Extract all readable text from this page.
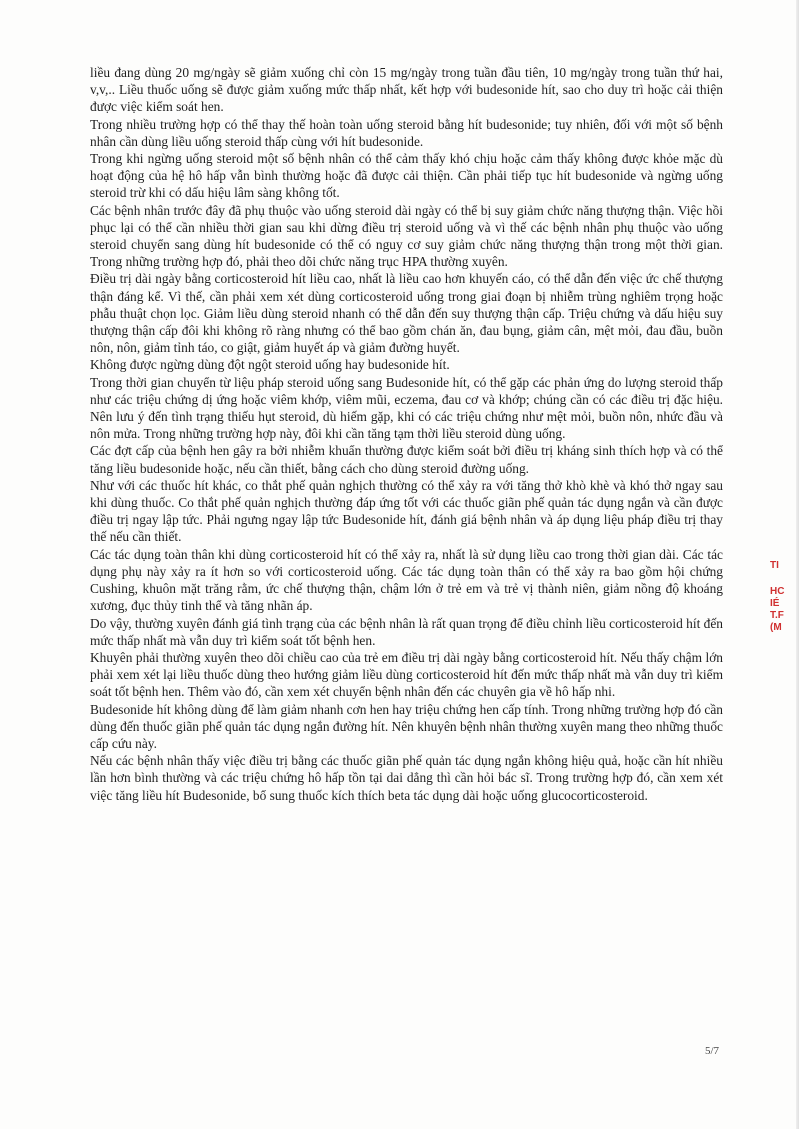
liều đang dùng 20 mg/ngày sẽ giảm xuống chỉ còn 15 mg/ngày trong tuần đầu tiên, 10 mg/ngày trong tuần thứ hai, v,v,.. Liều thuốc uống sẽ được giảm xuống mức thấp nhất, kết hợp với budesonide hít, sao cho duy trì hoặc cải thiện được việc kiểm soát hen.

Trong nhiều trường hợp có thể thay thế hoàn toàn uống steroid bằng hít budesonide; tuy nhiên, đối với một số bệnh nhân cần dùng liều uống steroid thấp cùng với hít budesonide.

Trong khi ngừng uống steroid một số bệnh nhân có thể cảm thấy khó chịu hoặc cảm thấy không được khỏe mặc dù hoạt động của hệ hô hấp vẫn bình thường hoặc đã được cải thiện. Cần phải tiếp tục hít budesonide và ngừng uống steroid trừ khi có dấu hiệu lâm sàng không tốt.

Các bệnh nhân trước đây đã phụ thuộc vào uống steroid dài ngày có thể bị suy giảm chức năng thượng thận. Việc hồi phục lại có thể cần nhiều thời gian sau khi dừng điều trị steroid uống và vì thế các bệnh nhân phụ thuộc vào uống steroid chuyển sang dùng hít budesonide có thể có nguy cơ suy giảm chức năng thượng thận trong một thời gian. Trong những trường hợp đó, phải theo dõi chức năng trục HPA thường xuyên.

Điều trị dài ngày bằng corticosteroid hít liều cao, nhất là liều cao hơn khuyến cáo, có thể dẫn đến việc ức chế thượng thận đáng kể. Vì thế, cần phải xem xét dùng corticosteroid uống trong giai đoạn bị nhiễm trùng nghiêm trọng hoặc phẫu thuật chọn lọc. Giảm liều dùng steroid nhanh có thể dẫn đến suy thượng thận cấp. Triệu chứng và dấu hiệu suy thượng thận cấp đôi khi không rõ ràng nhưng có thể bao gồm chán ăn, đau bụng, giảm cân, mệt mỏi, đau đầu, buồn nôn, nôn, giảm tỉnh táo, co giật, giảm huyết áp và giảm đường huyết.

Không được ngừng dùng đột ngột steroid uống hay budesonide hít.

Trong thời gian chuyển từ liệu pháp steroid uống sang Budesonide hít, có thể gặp các phản ứng do lượng steroid thấp như các triệu chứng dị ứng hoặc viêm khớp, viêm mũi, eczema, đau cơ và khớp; chúng cần có các điều trị đặc hiệu. Nên lưu ý đến tình trạng thiếu hụt steroid, dù hiếm gặp, khi có các triệu chứng như mệt mỏi, buồn nôn, nhức đầu và nôn mửa. Trong những trường hợp này, đôi khi cần tăng tạm thời liều steroid dùng uống.

Các đợt cấp của bệnh hen gây ra bởi nhiễm khuẩn thường được kiểm soát bởi điều trị kháng sinh thích hợp và có thể tăng liều budesonide hoặc, nếu cần thiết, bằng cách cho dùng steroid đường uống.

Như với các thuốc hít khác, co thắt phế quản nghịch thường có thể xảy ra với tăng thở khò khè và khó thở ngay sau khi dùng thuốc. Co thắt phế quản nghịch thường đáp ứng tốt với các thuốc giãn phế quản tác dụng ngắn và cần được điều trị ngay lập tức. Phải ngưng ngay lập tức Budesonide hít, đánh giá bệnh nhân và áp dụng liệu pháp điều trị thay thế nếu cần thiết.

Các tác dụng toàn thân khi dùng corticosteroid hít có thể xảy ra, nhất là sử dụng liều cao trong thời gian dài. Các tác dụng phụ này xảy ra ít hơn so với corticosteroid uống. Các tác dụng toàn thân có thể xảy ra bao gồm hội chứng Cushing, khuôn mặt trăng rằm, ức chế thượng thận, chậm lớn ở trẻ em và trẻ vị thành niên, giảm nồng độ khoáng xương, đục thủy tinh thể và tăng nhãn áp.

Do vậy, thường xuyên đánh giá tình trạng của các bệnh nhân là rất quan trọng để điều chỉnh liều corticosteroid hít đến mức thấp nhất mà vẫn duy trì kiểm soát tốt bệnh hen.

Khuyên phải thường xuyên theo dõi chiều cao của trẻ em điều trị dài ngày bằng corticosteroid hít. Nếu thấy chậm lớn phải xem xét lại liều thuốc dùng theo hướng giảm liều dùng corticosteroid hít đến mức thấp nhất mà vẫn duy trì kiểm soát tốt bệnh hen. Thêm vào đó, cần xem xét chuyển bệnh nhân đến các chuyên gia về hô hấp nhi.

Budesonide hít không dùng để làm giảm nhanh cơn hen hay triệu chứng hen cấp tính. Trong những trường hợp đó cần dùng đến thuốc giãn phế quản tác dụng ngắn đường hít. Nên khuyên bệnh nhân thường xuyên mang theo những thuốc cấp cứu này.

Nếu các bệnh nhân thấy việc điều trị bằng các thuốc giãn phế quản tác dụng ngắn không hiệu quả, hoặc cần hít nhiều lần hơn bình thường và các triệu chứng hô hấp tồn tại dai dẳng thì cần hỏi bác sĩ. Trong trường hợp đó, cần xem xét việc tăng liều hít Budesonide, bổ sung thuốc kích thích beta tác dụng dài hoặc uống glucocorticosteroid.

5/7
TI
HC
IÉ
T.F
(M
